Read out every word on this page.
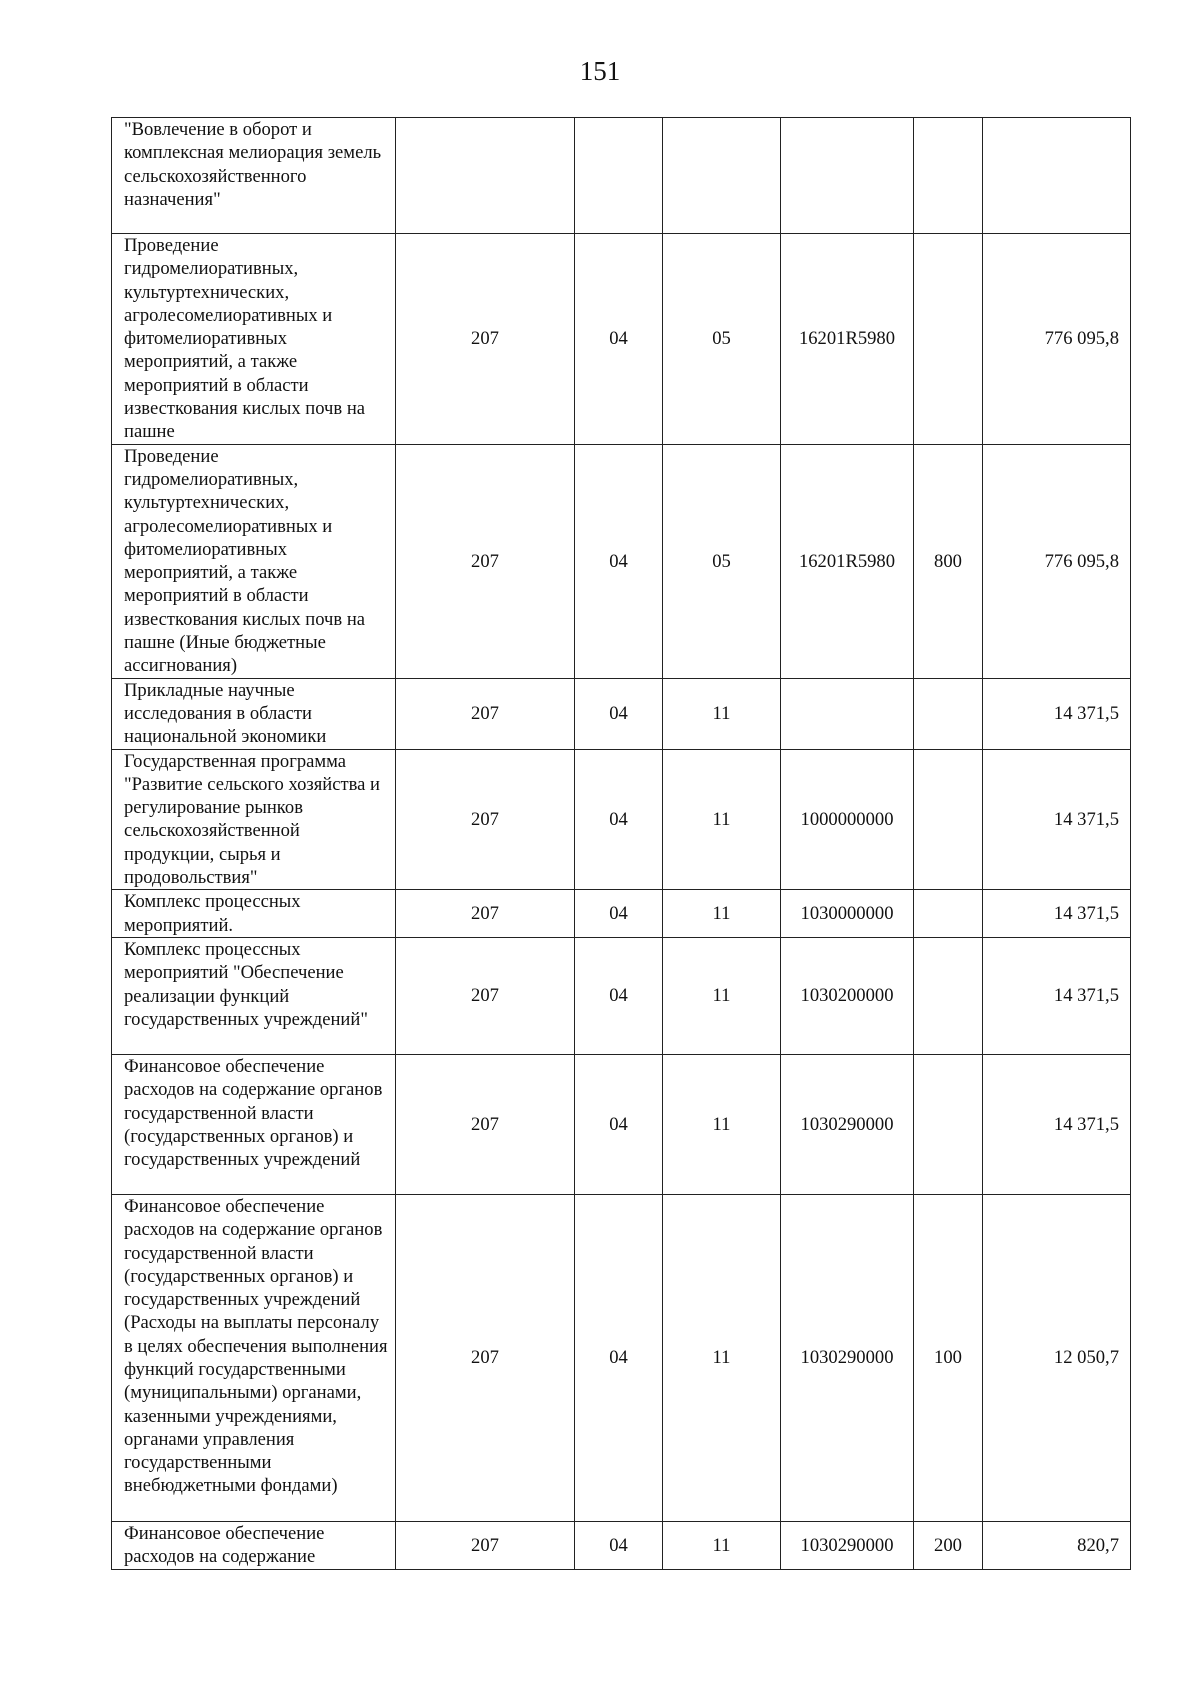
151
"Вовлечение в оборот и комплексная мелиорация земель сельскохозяйственного назначения"						
Проведение гидромелиоративных, культуртехнических, агролесомелиоративных и фитомелиоративных мероприятий, а также мероприятий в области известкования кислых почв на пашне	207	04	05	16201R5980		776 095,8
Проведение гидромелиоративных, культуртехнических, агролесомелиоративных и фитомелиоративных мероприятий, а также мероприятий в области известкования кислых почв на пашне (Иные бюджетные ассигнования)	207	04	05	16201R5980	800	776 095,8
Прикладные научные исследования в области национальной экономики	207	04	11			14 371,5
Государственная программа "Развитие сельского хозяйства и регулирование рынков сельскохозяйственной продукции, сырья и продовольствия"	207	04	11	1000000000		14 371,5
Комплекс процессных мероприятий.	207	04	11	1030000000		14 371,5
Комплекс процессных мероприятий "Обеспечение реализации функций государственных учреждений"	207	04	11	1030200000		14 371,5
Финансовое обеспечение расходов на содержание органов государственной власти (государственных органов) и государственных учреждений	207	04	11	1030290000		14 371,5
Финансовое обеспечение расходов на содержание органов государственной власти (государственных органов) и государственных учреждений (Расходы на выплаты персоналу в целях обеспечения выполнения функций государственными (муниципальными) органами, казенными учреждениями, органами управления государственными внебюджетными фондами)	207	04	11	1030290000	100	12 050,7
Финансовое обеспечение расходов на содержание	207	04	11	1030290000	200	820,7
